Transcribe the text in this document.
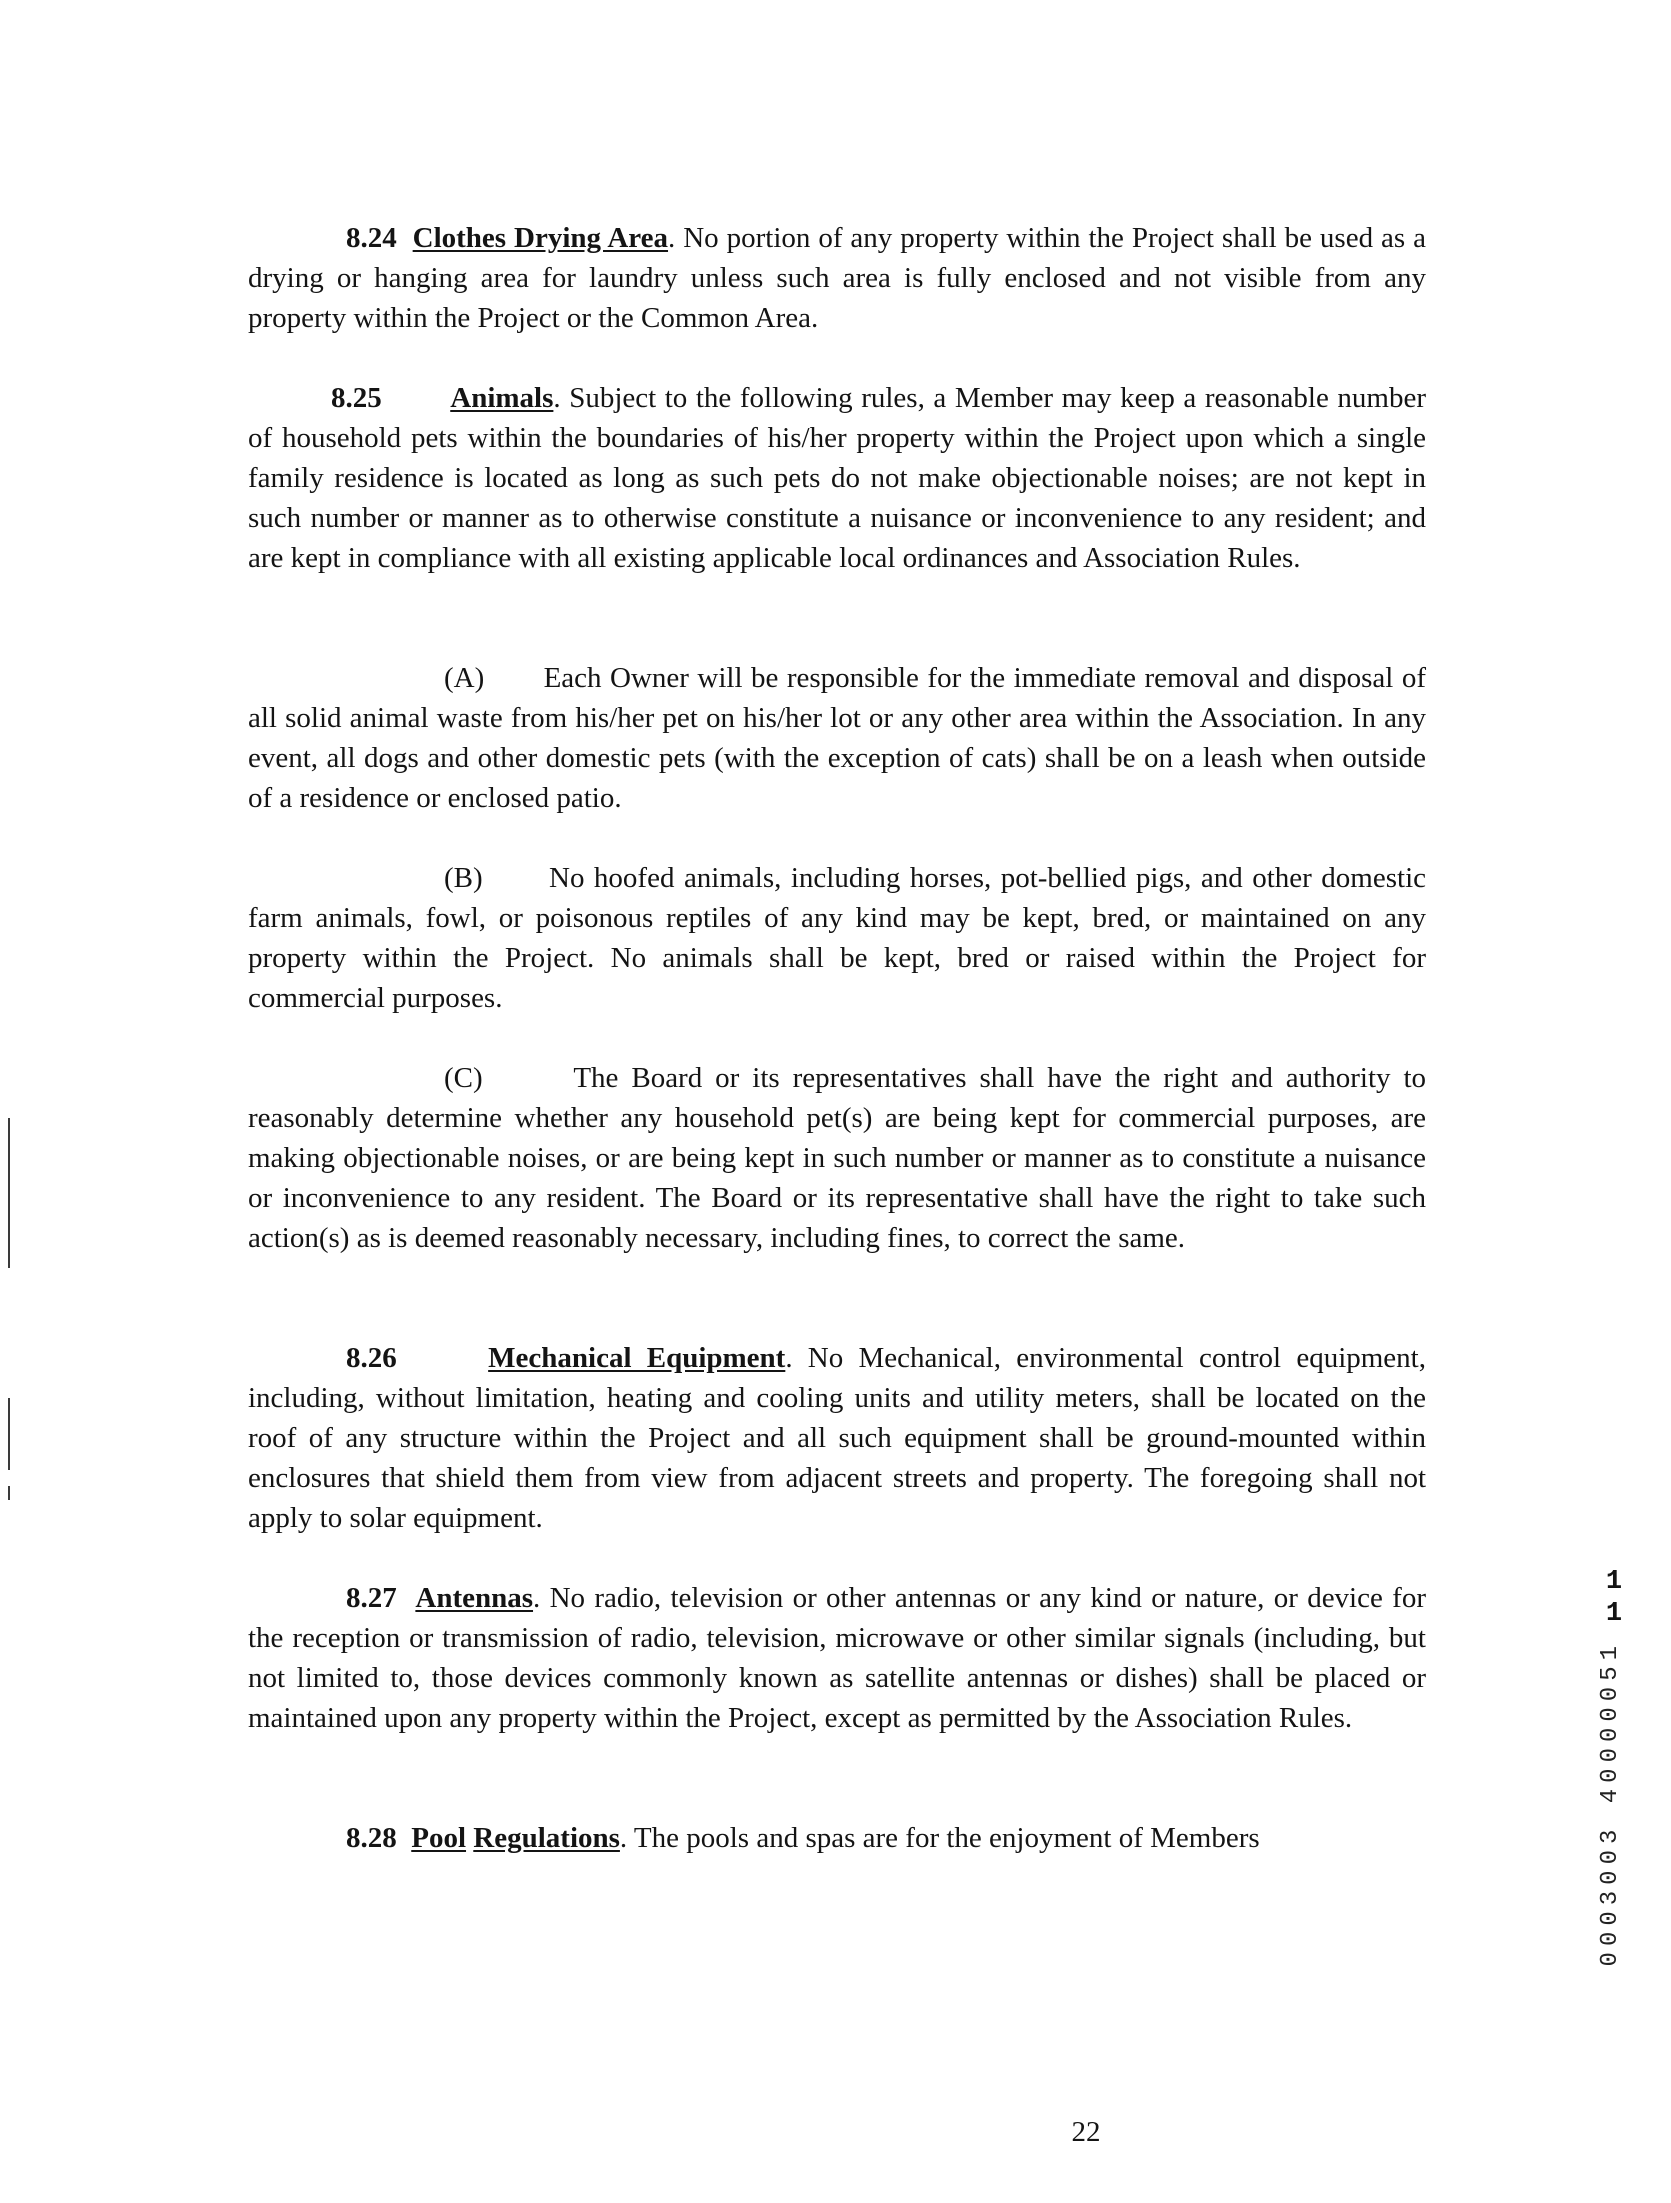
8.24 Clothes Drying Area. No portion of any property within the Project shall be used as a drying or hanging area for laundry unless such area is fully enclosed and not visible from any property within the Project or the Common Area.

8.25 Animals. Subject to the following rules, a Member may keep a reasonable number of household pets within the boundaries of his/her property within the Project upon which a single family residence is located as long as such pets do not make objectionable noises; are not kept in such number or manner as to otherwise constitute a nuisance or inconvenience to any resident; and are kept in compliance with all existing applicable local ordinances and Association Rules.

(A) Each Owner will be responsible for the immediate removal and disposal of all solid animal waste from his/her pet on his/her lot or any other area within the Association. In any event, all dogs and other domestic pets (with the exception of cats) shall be on a leash when outside of a residence or enclosed patio.

(B) No hoofed animals, including horses, pot-bellied pigs, and other domestic farm animals, fowl, or poisonous reptiles of any kind may be kept, bred, or maintained on any property within the Project. No animals shall be kept, bred or raised within the Project for commercial purposes.

(C)	The Board or its representatives shall have the right and authority to reasonably determine whether any household pet(s) are being kept for commercial purposes, are making objectionable noises, or are being kept in such number or manner as to constitute a nuisance or inconvenience to any resident. The Board or its representative shall have the right to take such action(s) as is deemed reasonably necessary, including fines, to correct the same.

8.26	Mechanical Equipment. No Mechanical, environmental control equipment, including, without limitation, heating and cooling units and utility meters, shall be located on the roof of any structure within the Project and all such equipment shall be ground-mounted within enclosures that shield them from view from adjacent streets and property. The foregoing shall not apply to solar equipment.

8.27 Antennas. No radio, television or other antennas or any kind or nature, or device for the reception or transmission of radio, television, microwave or other similar signals (including, but not limited to, those devices commonly known as satellite antennas or dishes) shall be placed or maintained upon any property within the Project, except as permitted by the Association Rules.

8.28 Pool Regulations. The pools and spas are for the enjoyment of Members

22
1
1
0003003 40000051
